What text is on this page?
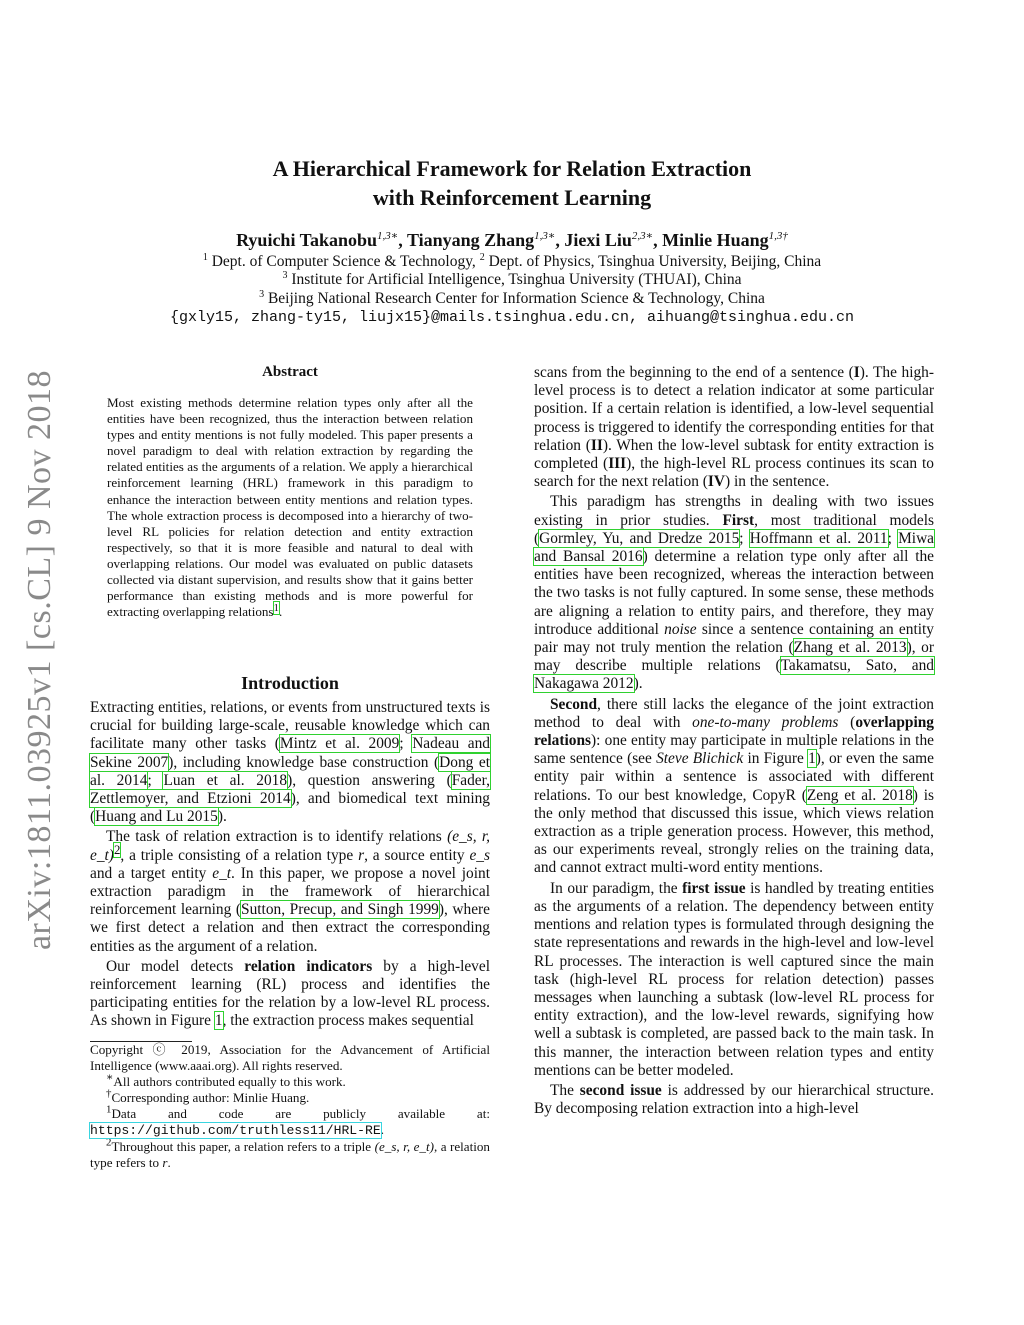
arXiv:1811.03925v1 [cs.CL] 9 Nov 2018
A Hierarchical Framework for Relation Extraction
with Reinforcement Learning
Ryuichi Takanobu$^{1,3∗}$, Tianyang Zhang$^{1,3∗}$, Jiexi Liu$^{2,3∗}$, Minlie Huang$^{1,3\dagger}$
$^1$ Dept. of Computer Science & Technology, $^2$ Dept. of Physics, Tsinghua University, Beijing, China
$^3$ Institute for Artificial Intelligence, Tsinghua University (THUAI), China
$^3$ Beijing National Research Center for Information Science & Technology, China
{gxly15, zhang-ty15, liujx15}@mails.tsinghua.edu.cn, aihuang@tsinghua.edu.cn
Abstract
Most existing methods determine relation types only after all the entities have been recognized, thus the interaction between relation types and entity mentions is not fully modeled. This paper presents a novel paradigm to deal with relation extraction by regarding the related entities as the arguments of a relation. We apply a hierarchical reinforcement learning (HRL) framework in this paradigm to enhance the interaction between entity mentions and relation types. The whole extraction process is decomposed into a hierarchy of two-level RL policies for relation detection and entity extraction respectively, so that it is more feasible and natural to deal with overlapping relations. Our model was evaluated on public datasets collected via distant supervision, and results show that it gains better performance than existing methods and is more powerful for extracting overlapping relations$^1$.
Introduction

Extracting entities, relations, or events from unstructured texts is crucial for building large-scale, reusable knowledge which can facilitate many other tasks (Mintz et al. 2009; Nadeau and Sekine 2007), including knowledge base construction (Dong et al. 2014; Luan et al. 2018), question answering (Fader, Zettlemoyer, and Etzioni 2014), and biomedical text mining (Huang and Lu 2015).

The task of relation extraction is to identify relations (e_s, r, e_t)$^2$, a triple consisting of a relation type r, a source entity e_s and a target entity e_t. In this paper, we propose a novel joint extraction paradigm in the framework of hierarchical reinforcement learning (Sutton, Precup, and Singh 1999), where we first detect a relation and then extract the corresponding entities as the argument of a relation.

Our model detects relation indicators by a high-level reinforcement learning (RL) process and identifies the participating entities for the relation by a low-level RL process. As shown in Figure 1, the extraction process makes sequential

Copyright ⓒ 2019, Association for the Advancement of Artificial Intelligence (www.aaai.org). All rights reserved.

∗All authors contributed equally to this work.

†Corresponding author: Minlie Huang.

$^1$Data and code are publicly available at: https://github.com/truthless11/HRL-RE.

$^2$Throughout this paper, a relation refers to a triple (e_s, r, e_t), a relation type refers to r.

scans from the beginning to the end of a sentence (I). The high-level process is to detect a relation indicator at some particular position. If a certain relation is identified, a low-level sequential process is triggered to identify the corresponding entities for that relation (II). When the low-level subtask for entity extraction is completed (III), the high-level RL process continues its scan to search for the next relation (IV) in the sentence.

This paradigm has strengths in dealing with two issues existing in prior studies. First, most traditional models (Gormley, Yu, and Dredze 2015; Hoffmann et al. 2011; Miwa and Bansal 2016) determine a relation type only after all the entities have been recognized, whereas the interaction between the two tasks is not fully captured. In some sense, these methods are aligning a relation to entity pairs, and therefore, they may introduce additional noise since a sentence containing an entity pair may not truly mention the relation (Zhang et al. 2013), or may describe multiple relations (Takamatsu, Sato, and Nakagawa 2012).

Second, there still lacks the elegance of the joint extraction method to deal with one-to-many problems (overlapping relations): one entity may participate in multiple relations in the same sentence (see Steve Blichick in Figure 1), or even the same entity pair within a sentence is associated with different relations. To our best knowledge, CopyR (Zeng et al. 2018) is the only method that discussed this issue, which views relation extraction as a triple generation process. However, this method, as our experiments reveal, strongly relies on the training data, and cannot extract multi-word entity mentions.

In our paradigm, the first issue is handled by treating entities as the arguments of a relation. The dependency between entity mentions and relation types is formulated through designing the state representations and rewards in the high-level and low-level RL processes. The interaction is well captured since the main task (high-level RL process for relation detection) passes messages when launching a subtask (low-level RL process for entity extraction), and the low-level rewards, signifying how well a subtask is completed, are passed back to the main task. In this manner, the interaction between relation types and entity mentions can be better modeled.

The second issue is addressed by our hierarchical structure. By decomposing relation extraction into a high-level
